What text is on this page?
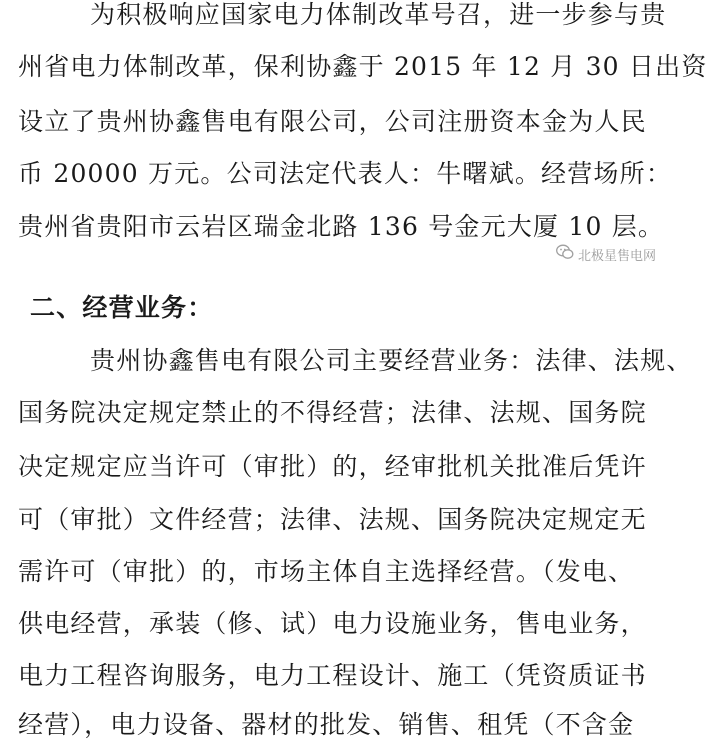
为积极响应国家电力体制改革号召，进一步参与贵
州省电力体制改革，保利协鑫于 2015 年 12 月 30 日出资
设立了贵州协鑫售电有限公司，公司注册资本金为人民
币 20000 万元。公司法定代表人：牛曙斌。经营场所：
贵州省贵阳市云岩区瑞金北路 136 号金元大厦 10 层。
北极星售电网
二、经营业务：
贵州协鑫售电有限公司主要经营业务：法律、法规、
国务院决定规定禁止的不得经营；法律、法规、国务院
决定规定应当许可（审批）的，经审批机关批准后凭许
可（审批）文件经营；法律、法规、国务院决定规定无
需许可（审批）的，市场主体自主选择经营。（发电、
供电经营，承装（修、试）电力设施业务，售电业务，
电力工程咨询服务，电力工程设计、施工（凭资质证书
经营），电力设备、器材的批发、销售、租凭（不含金
